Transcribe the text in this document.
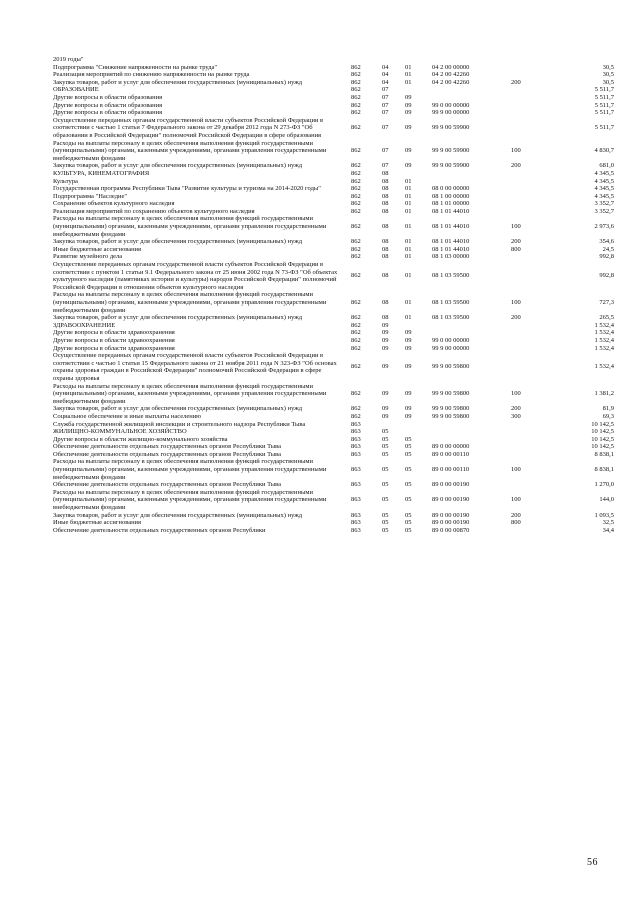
2019 годы"
Подпрограмма "Снижение напряженности на рынке труда"	862	04	01	04 2 00 00000	30,5
Реализация мероприятий по снижению напряженности на рынке труда	862	04	01	04 2 00 42260	30,5
Закупка товаров, работ и услуг для обеспечения государственных (муниципальных) нужд	862	04	01	04 2 00 42260	200	30,5
ОБРАЗОВАНИЕ	862	07	5 511,7
Другие вопросы в области образования	862	07	09	5 511,7
Другие вопросы в области образования	862	07	09	99 0 00 00000	5 511,7
Другие вопросы в области образования	862	07	09	99 9 00 00000	5 511,7
Осуществление переданных органам государственной власти субъектов Российской Федерации в соответствии с частью 1 статьи 7 Федерального закона от 29 декабря 2012 года N 273-ФЗ "Об образовании в Российской Федерации" полномочий Российской Федерации в сфере образования
862	07	09	99 9 00 59900	5 511,7
Расходы на выплаты персоналу в целях обеспечения выполнения функций государственными (муниципальными) органами, казенными учреждениями, органами управления государственными внебюджетными фондами
862	07	09	99 9 00 59900	100	4 830,7
Закупка товаров, работ и услуг для обеспечения государственных (муниципальных) нужд	862	07	09	99 9 00 59900	200	681,0
КУЛЬТУРА, КИНЕМАТОГРАФИЯ	862	08	4 345,5
Культура	862	08	01	4 345,5
Государственная программа Республики Тыва "Развитие культуры и туризма на 2014-2020 годы"	862	08	01	08 0 00 00000	4 345,5
Подпрограмма "Наследие"	862	08	01	08 1 00 00000	4 345,5
Сохранение объектов культурного наследия	862	08	01	08 1 01 00000	3 352,7
Реализация мероприятий по сохранению объектов культурного наследия	862	08	01	08 1 01 44010	3 352,7
Расходы на выплаты персоналу в целях обеспечения выполнения функций государственными (муниципальными) органами, казенными учреждениями, органами управления государственными внебюджетными фондами
862	08	01	08 1 01 44010	100	2 973,6
Закупка товаров, работ и услуг для обеспечения государственных (муниципальных) нужд	862	08	01	08 1 01 44010	200	354,6
Иные бюджетные ассигнования	862	08	01	08 1 01 44010	800	24,5
Развитие музейного дела	862	08	01	08 1 03 00000	992,8
Осуществление переданных органам государственной власти субъектов Российской Федерации в соответствии с пунктом 1 статьи 9.1 Федерального закона от 25 июня 2002 года N 73-ФЗ "Об объектах культурного наследия (памятниках истории и культуры) народов Российской Федерации" полномочий Российской Федерации в отношении объектов культурного наследия
862	08	01	08 1 03 59500	992,8
Расходы на выплаты персоналу в целях обеспечения выполнения функций государственными (муниципальными) органами, казенными учреждениями, органами управления государственными внебюджетными фондами
862	08	01	08 1 03 59500	100	727,3
Закупка товаров, работ и услуг для обеспечения государственных (муниципальных) нужд	862	08	01	08 1 03 59500	200	265,5
ЗДРАВООХРАНЕНИЕ	862	09	1 532,4
Другие вопросы в области здравоохранения	862	09	09	1 532,4
Другие вопросы в области здравоохранения	862	09	09	99 0 00 00000	1 532,4
Другие вопросы в области здравоохранения	862	09	09	99 9 00 00000	1 532,4
Осуществление переданных органам государственной власти субъектов Российской Федерации в соответствии с частью 1 статьи 15 Федерального закона от 21 ноября 2011 года N 323-ФЗ "Об основах охраны здоровья граждан в Российской Федерации" полномочий Российской Федерации в сфере охраны здоровья
862	09	09	99 9 00 59800	1 532,4
Расходы на выплаты персоналу в целях обеспечения выполнения функций государственными (муниципальными) органами, казенными учреждениями, органами управления государственными внебюджетными фондами
862	09	09	99 9 00 59800	100	1 381,2
Закупка товаров, работ и услуг для обеспечения государственных (муниципальных) нужд	862	09	09	99 9 00 59800	200	81,9
Социальное обеспечение и иные выплаты населению	862	09	09	99 9 00 59800	300	69,3
Служба государственной жилищной инспекции и строительного надзора Республики Тыва	863	10 142,5
ЖИЛИЩНО-КОММУНАЛЬНОЕ ХОЗЯЙСТВО	863	05	10 142,5
Другие вопросы в области жилищно-коммунального хозяйства	863	05	05	10 142,5
Обеспечение деятельности отдельных государственных органов Республики Тыва	863	05	05	89 0 00 00000	10 142,5
Обеспечение деятельности отдельных государственных органов Республики Тыва	863	05	05	89 0 00 00110	8 838,1
Расходы на выплаты персоналу в целях обеспечения выполнения функций государственными (муниципальными) органами, казенными учреждениями, органами управления государственными внебюджетными фондами
863	05	05	89 0 00 00110	100	8 838,1
Обеспечение деятельности отдельных государственных органов Республики Тыва	863	05	05	89 0 00 00190	1 270,0
Расходы на выплаты персоналу в целях обеспечения выполнения функций государственными (муниципальными) органами, казенными учреждениями, органами управления государственными внебюджетными фондами
863	05	05	89 0 00 00190	100	144,0
Закупка товаров, работ и услуг для обеспечения государственных (муниципальных) нужд	863	05	05	89 0 00 00190	200	1 093,5
Иные бюджетные ассигнования	863	05	05	89 0 00 00190	800	32,5
Обеспечение деятельности отдельных государственных органов Республики	863	05	05	89 0 00 00870	34,4
56
